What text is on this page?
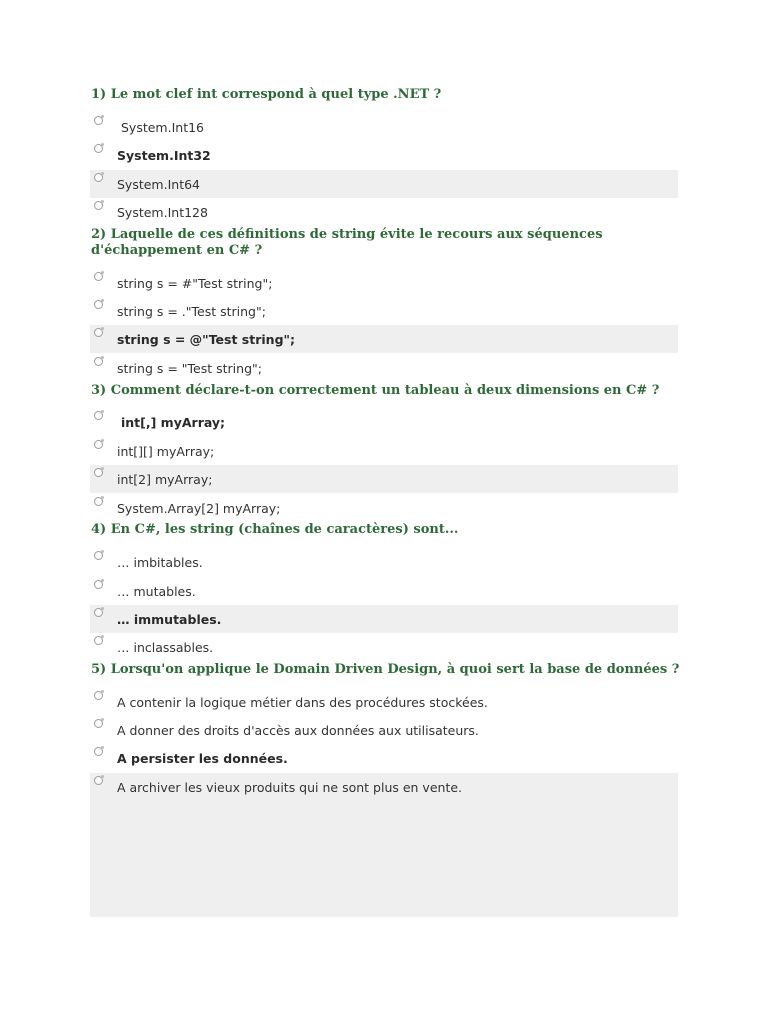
1) Le mot clef int correspond à quel type .NET ?
System.Int16
System.Int32
System.Int64
System.Int128
2) Laquelle de ces définitions de string évite le recours aux séquences d'échappement en C# ?
string s = #"Test string";
string s = ."Test string";
string s = @"Test string";
string s = "Test string";
3) Comment déclare-t-on correctement un tableau à deux dimensions en C# ?
int[,] myArray;
int[][] myArray;
int[2] myArray;
System.Array[2] myArray;
4) En C#, les string (chaînes de caractères) sont...
… imbitables.
… mutables.
… immutables.
… inclassables.
5) Lorsqu'on applique le Domain Driven Design, à quoi sert la base de données ?
A contenir la logique métier dans des procédures stockées.
A donner des droits d'accès aux données aux utilisateurs.
A persister les données.
A archiver les vieux produits qui ne sont plus en vente.
